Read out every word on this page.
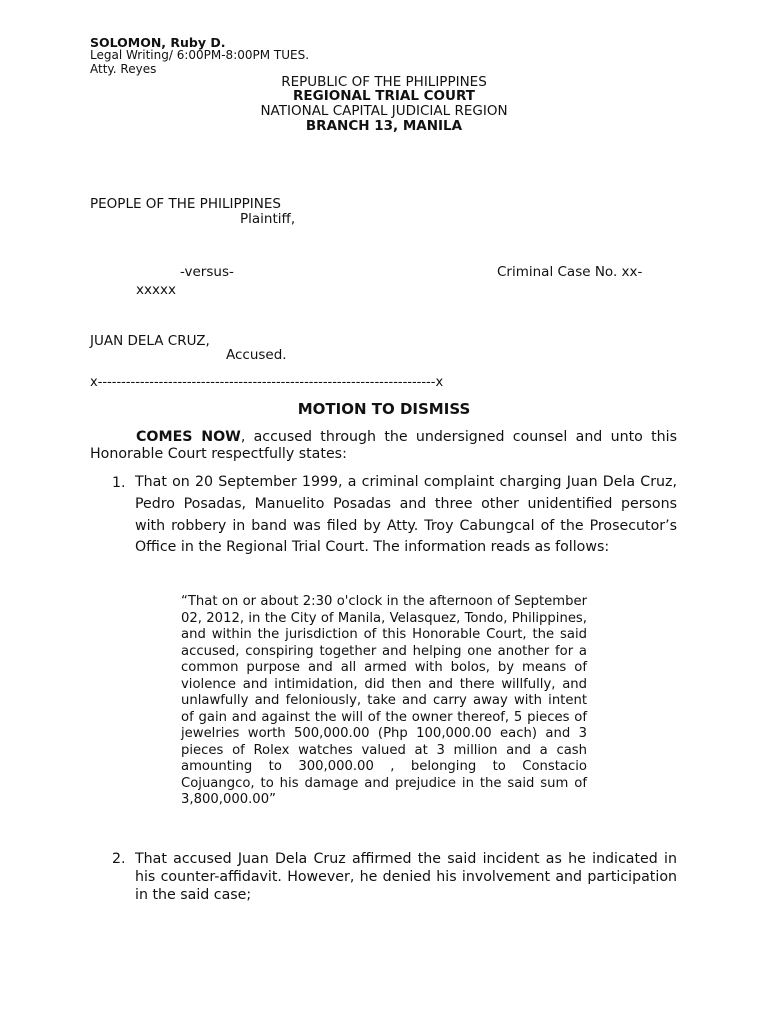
SOLOMON, Ruby D.
Legal Writing/ 6:00PM-8:00PM TUES.
Atty. Reyes
REPUBLIC OF THE PHILIPPINES
REGIONAL TRIAL COURT
NATIONAL CAPITAL JUDICIAL REGION
BRANCH 13, MANILA
PEOPLE OF THE PHILIPPINES
Plaintiff,
-versus-	Criminal Case No. xx-
xxxxx
JUAN DELA CRUZ,
Accused.
x------------------------------------------------------------------------x
MOTION TO DISMISS
COMES NOW, accused through the undersigned counsel and unto this Honorable Court respectfully states:
1. That on 20 September 1999, a criminal complaint charging Juan Dela Cruz, Pedro Posadas, Manuelito Posadas and three other unidentified persons with robbery in band was filed by Atty. Troy Cabungcal of the Prosecutor’s Office in the Regional Trial Court. The information reads as follows:
“That on or about 2:30 o'clock in the afternoon of September 02, 2012, in the City of Manila, Velasquez, Tondo, Philippines, and within the jurisdiction of this Honorable Court, the said accused, conspiring together and helping one another for a common purpose and all armed with bolos, by means of violence and intimidation, did then and there willfully, and unlawfully and feloniously, take and carry away with intent of gain and against the will of the owner thereof, 5 pieces of jewelries worth 500,000.00 (Php 100,000.00 each) and 3 pieces of Rolex watches valued at 3 million and a cash amounting to 300,000.00 , belonging to Constacio Cojuangco, to his damage and prejudice in the said sum of 3,800,000.00”
2. That accused Juan Dela Cruz affirmed the said incident as he indicated in his counter-affidavit. However, he denied his involvement and participation in the said case;
